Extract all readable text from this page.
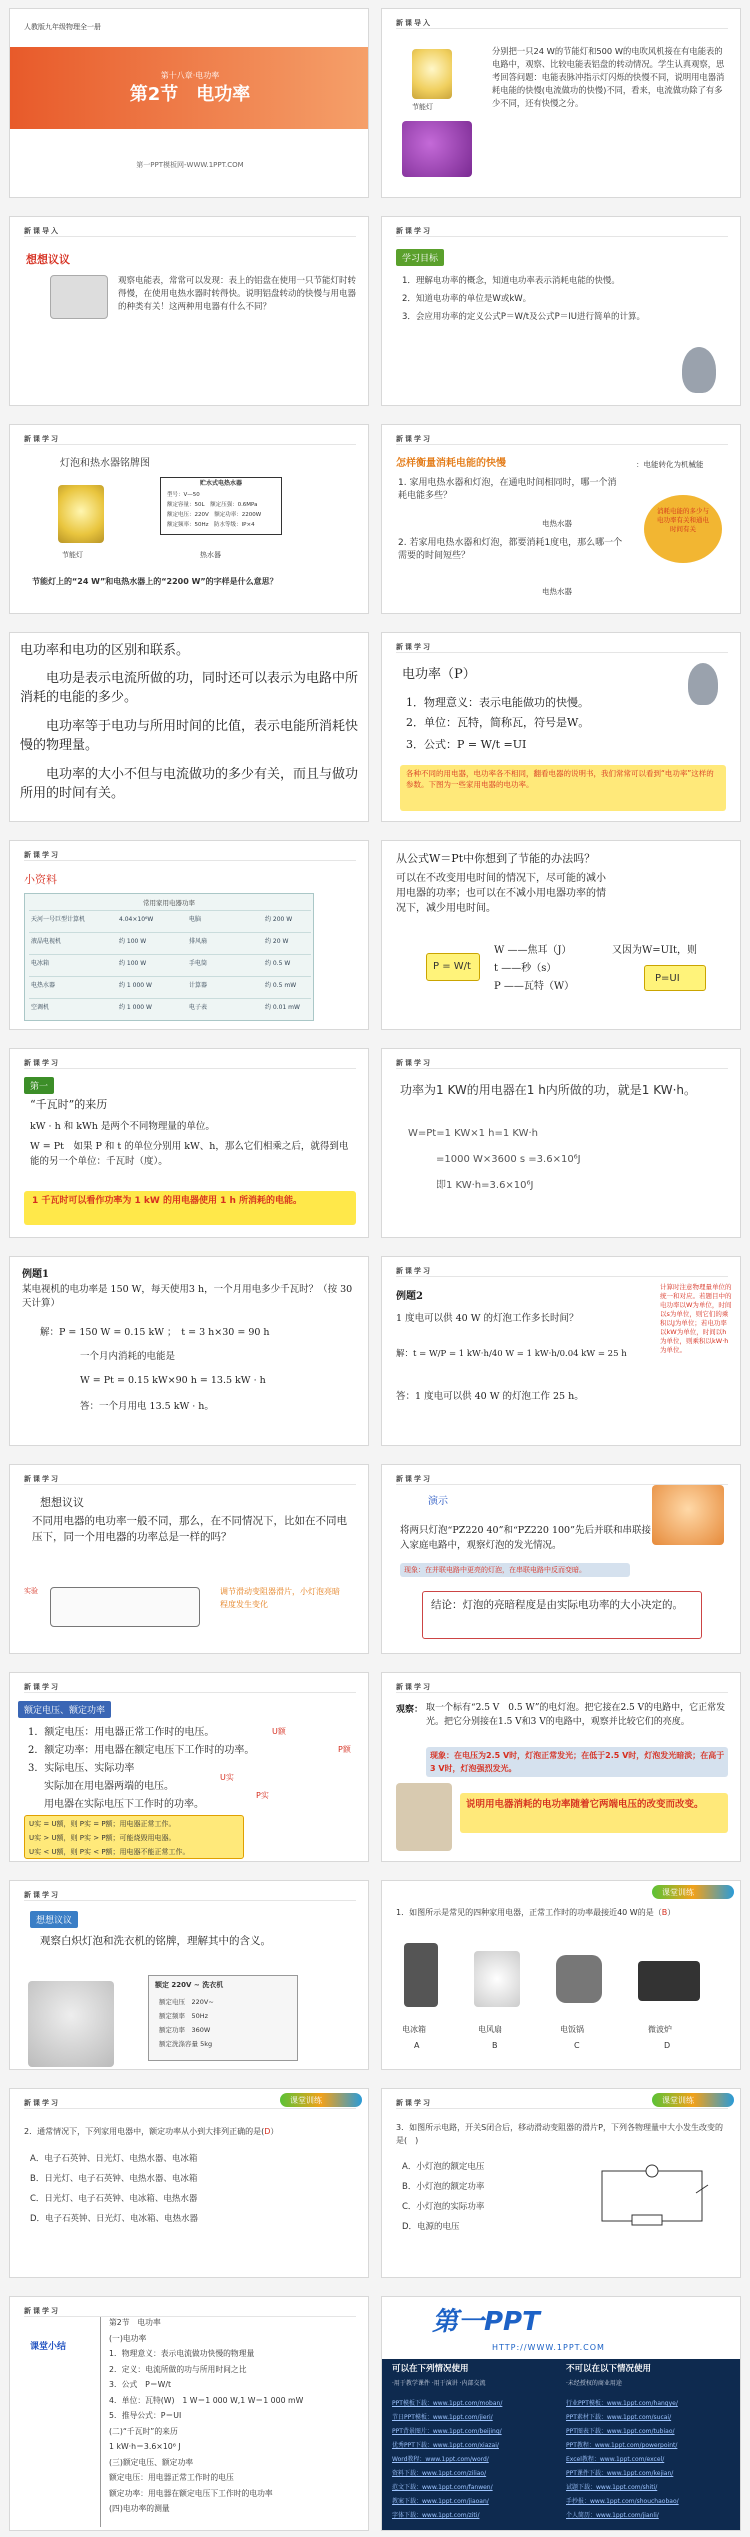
人教版九年级物理全一册
第十八章·电功率
第2节　电功率
第一PPT模板网-WWW.1PPT.COM
新课导入
节能灯
分别把一只24 W的节能灯和500 W的电吹风机接在有电能表的电路中，观察、比较电能表铝盘的转动情况。学生认真观察，思考回答问题：电能表脉冲指示灯闪烁的快慢不同，说明用电器消耗电能的快慢(电流做功的快慢)不同，看来，电流做功除了有多少不同，还有快慢之分。
新课导入
想想议议
观察电能表，常常可以发现：表上的铝盘在使用一只节能灯时转得慢，在使用电热水器时转得快。说明铝盘转动的快慢与用电器的种类有关！这两种用电器有什么不同？
新课学习
学习目标
1．理解电功率的概念，知道电功率表示消耗电能的快慢。
2．知道电功率的单位是W或kW。
3．会应用功率的定义公式P＝W/t及公式P＝IU进行简单的计算。
新课学习
灯泡和热水器铭牌图
贮水式电热水器
型号：V—50
额定容量：50L　额定压强：0.6MPa
额定电压：220V　额定功率：2200W
额定频率：50Hz　防水等级：IP×4
节能灯	热水器
节能灯上的“24 W”和电热水器上的“2200 W”的字样是什么意思？
新课学习
怎样衡量消耗电能的快慢	：电能转化为机械能
1. 家用电热水器和灯泡，在通电时间相同时，哪一个消耗电能多些？
电热水器
2. 若家用电热水器和灯泡，都要消耗1度电，那么哪一个需要的时间短些？
电热水器
消耗电能的多少与电功率有关和通电时间有关
电功率和电功的区别和联系。
电功是表示电流所做的功，同时还可以表示为电路中所消耗的电能的多少。
电功率等于电功与所用时间的比值，表示电能所消耗快慢的物理量。
电功率的大小不但与电流做功的多少有关，而且与做功所用的时间有关。
新课学习
电功率（P）
1．物理意义：表示电能做功的快慢。
2．单位：瓦特，简称瓦，符号是W。
3．公式：P = W/t =UI
各种不同的用电器，电功率各不相同，翻看电器的说明书，我们常常可以看到“电功率”这样的参数。下图为一些家用电器的电功率。
新课学习
小资料
常用家用电器功率
天河一号巨型计算机	4.04×10⁶W	电脑	约 200 W
液晶电视机	约 100 W	排风扇	约 20 W
电冰箱	约 100 W	手电筒	约 0.5 W
电热水器	约 1 000 W	计算器	约 0.5 mW
空调机	约 1 000 W	电子表	约 0.01 mW
从公式W＝Pt中你想到了节能的办法吗？
可以在不改变用电时间的情况下，尽可能的减小用电器的功率；也可以在不减小用电器功率的情况下，减少用电时间。
W ——焦耳（J）
t ——秒（s）
P ——瓦特（W）
又因为W=UIt，则
P = W/t
P=UI
新课学习
第一
“千瓦时”的来历
kW · h 和 kWh 是两个不同物理量的单位。
W = Pt　如果 P 和 t 的单位分别用 kW、h，那么它们相乘之后，就得到电能的另一个单位：千瓦时（度）。
1 千瓦时可以看作功率为 1 kW 的用电器使用 1 h 所消耗的电能。
新课学习
功率为1 KW的用电器在1 h内所做的功，就是1 KW·h。
W=Pt=1 KW×1 h=1 KW·h
=1000 W×3600 s =3.6×10⁶J
即1 KW·h=3.6×10⁶J
例题1
某电视机的电功率是 150 W，每天使用3 h，一个月用电多少千瓦时？（按 30 天计算）
解：P = 150 W = 0.15 kW ；　t = 3 h×30 = 90 h
一个月内消耗的电能是
W = Pt = 0.15 kW×90 h = 13.5 kW · h
答：一个月用电 13.5 kW · h。
新课学习
例题2
1 度电可以供 40 W 的灯泡工作多长时间？
解：t = W/P = 1 kW·h/40 W = 1 kW·h/0.04 kW = 25 h
答：1 度电可以供 40 W 的灯泡工作 25 h。
计算时注意物理量单位的统一和对应。若题目中的电功率以W为单位，时间以s为单位，则它们的乘积以J为单位；若电功率以kW为单位，时间以h为单位，则乘积以kW·h为单位。
新课学习
想想议议
不同用电器的电功率一般不同，那么，在不同情况下，比如在不同电压下，同一个用电器的功率总是一样的吗？
实验	调节滑动变阻器滑片，小灯泡亮暗程度发生变化
新课学习
演示
将两只灯泡“PZ220 40”和“PZ220 100”先后并联和串联接入家庭电路中，观察灯泡的发光情况。
现象：在并联电路中更亮的灯泡，在串联电路中反而变暗。
结论：灯泡的亮暗程度是由实际电功率的大小决定的。
新课学习
额定电压、额定功率
1．额定电压：用电器正常工作时的电压。	U额
2．额定功率：用电器在额定电压下工作时的功率。	P额
3．实际电压、实际功率
实际加在用电器两端的电压。
U实
用电器在实际电压下工作时的功率。
P实
U实 = U额，则 P实 = P额；用电器正常工作。
U实 > U额，则 P实 > P额；可能烧毁用电器。
U实 < U额，则 P实 < P额；用电器不能正常工作。
新课学习
观察： 取一个标有“2.5 V　0.5 W”的电灯泡。把它接在2.5 V的电路中，它正常发光。把它分别接在1.5 V和3 V的电路中，观察并比较它们的亮度。
现象：在电压为2.5 V时，灯泡正常发光；在低于2.5 V时，灯泡发光暗淡；在高于3 V时，灯泡强烈发光。
说明用电器消耗的电功率随着它两端电压的改变而改变。
新课学习
想想议议
观察白炽灯泡和洗衣机的铭牌，理解其中的含义。
额定 220V ~ 洗衣机
额定电压　220V~
额定频率　50Hz
额定功率　360W
额定洗涤容量 5kg
课堂训练
1．如图所示是常见的四种家用电器，正常工作时的功率最接近40 W的是（B）
电冰箱	电风扇	电饭锅	微波炉
A	B	C	D
新课学习	课堂训练
2．通常情况下，下列家用电器中，额定功率从小到大排列正确的是(D）
A．电子石英钟、日光灯、电热水器、电冰箱
B．日光灯、电子石英钟、电热水器、电冰箱
C．日光灯、电子石英钟、电冰箱、电热水器
D．电子石英钟、日光灯、电冰箱、电热水器
新课学习	课堂训练
3．如图所示电路，开关S闭合后，移动滑动变阻器的滑片P，下列各物理量中大小发生改变的是(　)
A．小灯泡的额定电压
B．小灯泡的额定功率
C．小灯泡的实际功率
D．电源的电压
新课学习
课堂小结
第2节　电功率
(一)电功率
1．物理意义：表示电流做功快慢的物理量
2．定义：电流所做的功与所用时间之比
3．公式　P＝W/t
4．单位：瓦特(W)　1 W＝1 000 W,1 W＝1 000 mW
5．推导公式：P＝UI
(二)“千瓦时”的来历
1 kW·h＝3.6×10⁶ J
(三)额定电压、额定功率
额定电压：用电器正常工作时的电压
额定功率：用电器在额定电压下工作时的电功率
(四)电功率的测量
第一PPT
HTTP://WWW.1PPT.COM
可以在下列情况使用
·用于教学课件 ·用于演讲 ·内部交流
不可以在以下情况使用
·未经授权的商业用途
PPT模板下载：www.1ppt.com/moban/
节日PPT模板：www.1ppt.com/jieri/
PPT背景图片：www.1ppt.com/beijing/
优秀PPT下载：www.1ppt.com/xiazai/
Word教程：www.1ppt.com/word/
资料下载：www.1ppt.com/ziliao/
范文下载：www.1ppt.com/fanwen/
教案下载：www.1ppt.com/jiaoan/
字体下载：www.1ppt.com/ziti/
行业PPT模板：www.1ppt.com/hangye/
PPT素材下载：www.1ppt.com/sucai/
PPT图表下载：www.1ppt.com/tubiao/
PPT教程：www.1ppt.com/powerpoint/
Excel教程：www.1ppt.com/excel/
PPT课件下载：www.1ppt.com/kejian/
试题下载：www.1ppt.com/shiti/
手抄报：www.1ppt.com/shouchaobao/
个人简历：www.1ppt.com/jianli/
